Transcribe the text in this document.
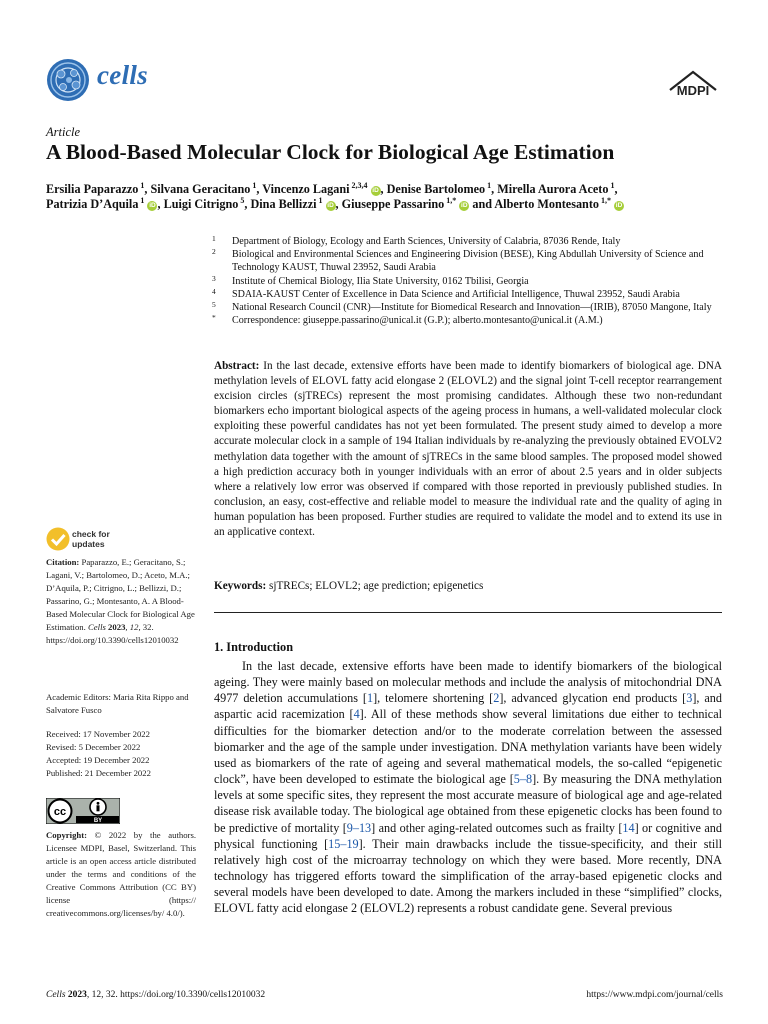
cells
MDPI
Article
A Blood-Based Molecular Clock for Biological Age Estimation
Ersilia Paparazzo $^1$, Silvana Geracitano $^1$, Vincenzo Lagani $^{2,3,4}$ iD , Denise Bartolomeo $^1$, Mirella Aurora Aceto $^1$,
Patrizia D’Aquila $^1$ iD , Luigi Citrigno $^5$, Dina Bellizzi $^1$ iD , Giuseppe Passarino $^{1,*}$ iD and Alberto Montesanto $^{1,*}$ iD
1	Department of Biology, Ecology and Earth Sciences, University of Calabria, 87036 Rende, Italy
2	Biological and Environmental Sciences and Engineering Division (BESE), King Abdullah University of Science and Technology KAUST, Thuwal 23952, Saudi Arabia
3	Institute of Chemical Biology, Ilia State University, 0162 Tbilisi, Georgia
4	SDAIA-KAUST Center of Excellence in Data Science and Artificial Intelligence, Thuwal 23952, Saudi Arabia
5	National Research Council (CNR)—Institute for Biomedical Research and Innovation—(IRIB), 87050 Mangone, Italy
*	Correspondence: giuseppe.passarino@unical.it (G.P.); alberto.montesanto@unical.it (A.M.)
Abstract: In the last decade, extensive efforts have been made to identify biomarkers of biological age. DNA methylation levels of ELOVL fatty acid elongase 2 (ELOVL2) and the signal joint T-cell receptor rearrangement excision circles (sjTRECs) represent the most promising candidates. Although these two non-redundant biomarkers echo important biological aspects of the ageing process in humans, a well-validated molecular clock exploiting these powerful candidates has not yet been formulated. The present study aimed to develop a more accurate molecular clock in a sample of 194 Italian individuals by re-analyzing the previously obtained EVOLV2 methylation data together with the amount of sjTRECs in the same blood samples. The proposed model showed a high prediction accuracy both in younger individuals with an error of about 2.5 years and in older subjects where a relatively low error was observed if compared with those reported in previously published studies. In conclusion, an easy, cost-effective and reliable model to measure the individual rate and the quality of aging in human population has been proposed. Further studies are required to validate the model and to extend its use in an applicative context.
Keywords: sjTRECs; ELOVL2; age prediction; epigenetics
check for
updates
Citation: Paparazzo, E.; Geracitano, S.; Lagani, V.; Bartolomeo, D.; Aceto, M.A.; D’Aquila, P.; Citrigno, L.; Bellizzi, D.; Passarino, G.; Montesanto, A. A Blood-Based Molecular Clock for Biological Age Estimation. Cells 2023, 12, 32. https://doi.org/10.3390/cells12010032
Academic Editors: Maria Rita Rippo and Salvatore Fusco
Received: 17 November 2022
Revised: 5 December 2022
Accepted: 19 December 2022
Published: 21 December 2022
cc
BY
Copyright: © 2022 by the authors. Licensee MDPI, Basel, Switzerland. This article is an open access article distributed under the terms and conditions of the Creative Commons Attribution (CC BY) license (https:// creativecommons.org/licenses/by/ 4.0/).
1. Introduction
In the last decade, extensive efforts have been made to identify biomarkers of the biological ageing. They were mainly based on molecular methods and include the analysis of mitochondrial DNA 4977 deletion accumulations [1], telomere shortening [2], advanced glycation end products [3], and aspartic acid racemization [4]. All of these methods show several limitations due either to technical difficulties for the biomarker detection and/or to the moderate correlation between the assessed biomarker and the age of the sample under investigation. DNA methylation variants have been widely used as biomarkers of the rate of ageing and several mathematical models, the so-called “epigenetic clock”, have been developed to estimate the biological age [5–8]. By measuring the DNA methylation levels at some specific sites, they represent the most accurate measure of biological age and age-related disease risk available today. The biological age obtained from these epigenetic clocks has been found to be predictive of mortality [9–13] and other aging-related outcomes such as frailty [14] or cognitive and physical functioning [15–19]. Their main drawbacks include the tissue-specificity, and their still relatively high cost of the microarray technology on which they were based. More recently, DNA technology has triggered efforts toward the simplification of the array-based epigenetic clocks and several models have been developed to date. Among the markers included in these “simplified” clocks, ELOVL fatty acid elongase 2 (ELOVL2) represents a robust candidate gene. Several previous
Cells 2023, 12, 32. https://doi.org/10.3390/cells12010032	https://www.mdpi.com/journal/cells
